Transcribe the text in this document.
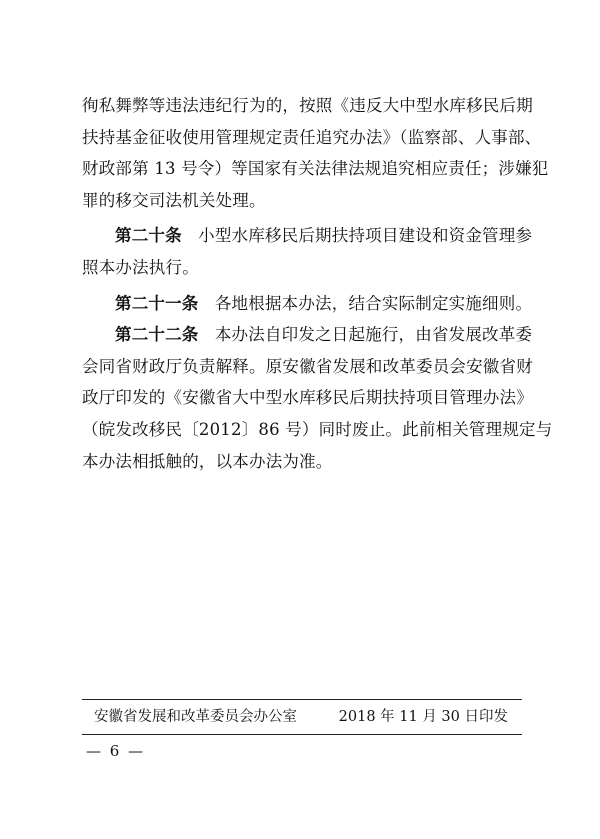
徇私舞弊等违法违纪行为的，按照《违反大中型水库移民后期
扶持基金征收使用管理规定责任追究办法》（监察部、人事部、
财政部第 13 号令）等国家有关法律法规追究相应责任；涉嫌犯
罪的移交司法机关处理。
第二十条 小型水库移民后期扶持项目建设和资金管理参
照本办法执行。
第二十一条 各地根据本办法，结合实际制定实施细则。
第二十二条 本办法自印发之日起施行，由省发展改革委
会同省财政厅负责解释。原安徽省发展和改革委员会安徽省财
政厅印发的《安徽省大中型水库移民后期扶持项目管理办法》
（皖发改移民〔2012〕86 号）同时废止。此前相关管理规定与
本办法相抵触的，以本办法为准。
安徽省发展和改革委员会办公室	2018 年 11 月 30 日印发
— 6 —
